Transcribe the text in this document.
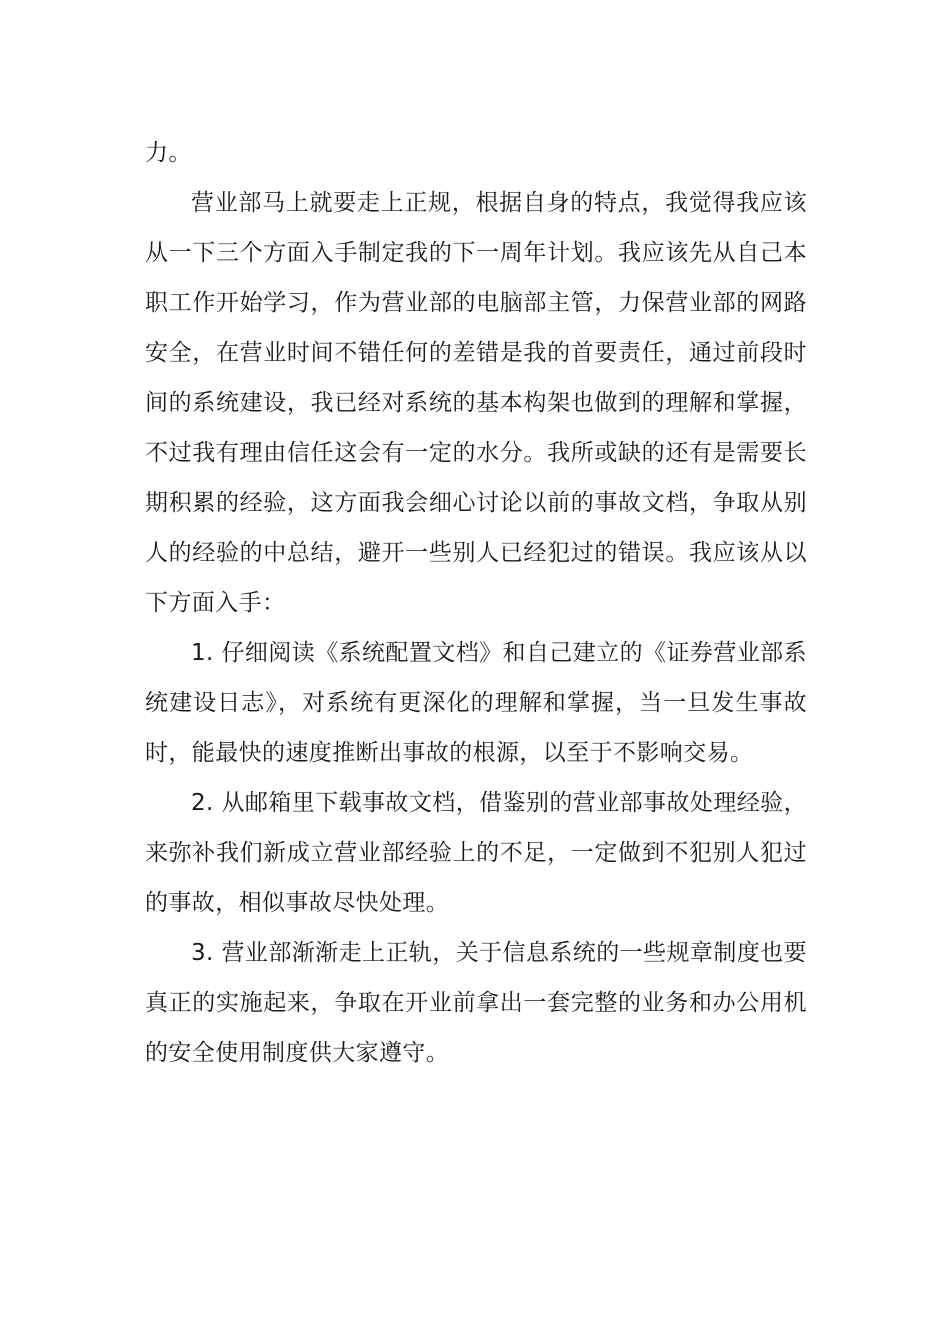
力。

营业部马上就要走上正规，根据自身的特点，我觉得我应该从一下三个方面入手制定我的下一周年计划。我应该先从自己本职工作开始学习，作为营业部的电脑部主管，力保营业部的网路安全，在营业时间不错任何的差错是我的首要责任，通过前段时间的系统建设，我已经对系统的基本构架也做到的理解和掌握，不过我有理由信任这会有一定的水分。我所或缺的还有是需要长期积累的经验，这方面我会细心讨论以前的事故文档，争取从别人的经验的中总结，避开一些别人已经犯过的错误。我应该从以下方面入手：

1. 仔细阅读《系统配置文档》和自己建立的《证券营业部系统建设日志》，对系统有更深化的理解和掌握，当一旦发生事故时，能最快的速度推断出事故的根源，以至于不影响交易。

2. 从邮箱里下载事故文档，借鉴别的营业部事故处理经验，来弥补我们新成立营业部经验上的不足，一定做到不犯别人犯过的事故，相似事故尽快处理。

3. 营业部渐渐走上正轨，关于信息系统的一些规章制度也要真正的实施起来，争取在开业前拿出一套完整的业务和办公用机的安全使用制度供大家遵守。
